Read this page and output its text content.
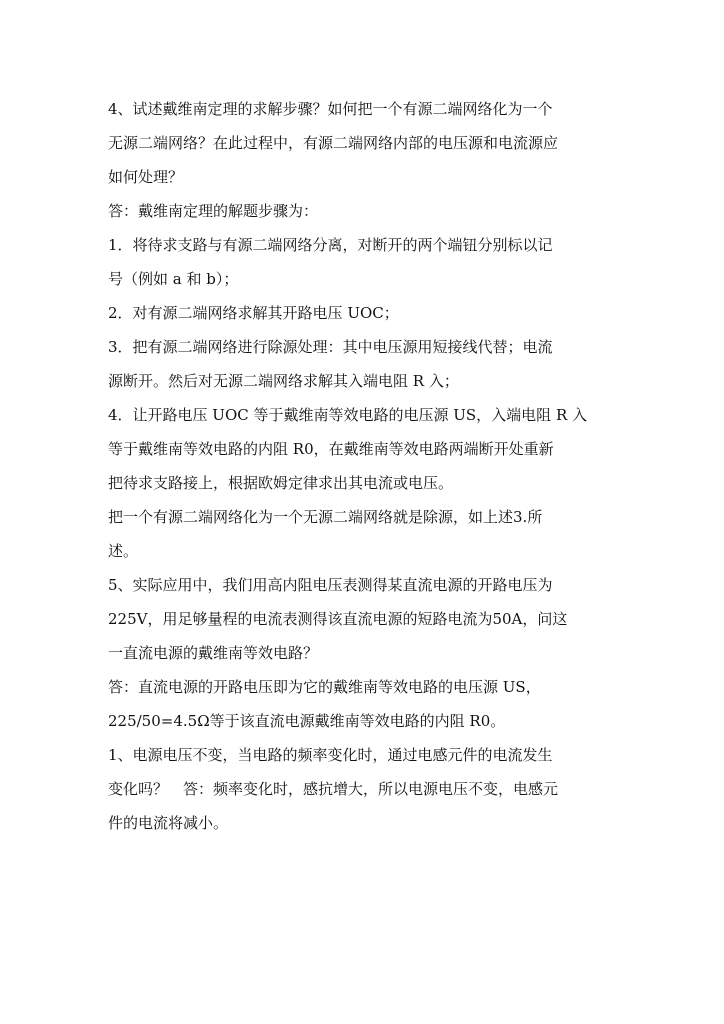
4、试述戴维南定理的求解步骤？如何把一个有源二端网络化为一个
无源二端网络？在此过程中，有源二端网络内部的电压源和电流源应
如何处理？
答：戴维南定理的解题步骤为：
1．将待求支路与有源二端网络分离，对断开的两个端钮分别标以记
号（例如 a 和 b）；
2．对有源二端网络求解其开路电压 UOC；
3．把有源二端网络进行除源处理：其中电压源用短接线代替；电流
源断开。然后对无源二端网络求解其入端电阻 R 入；
4．让开路电压 UOC 等于戴维南等效电路的电压源 US，入端电阻 R 入
等于戴维南等效电路的内阻 R0，在戴维南等效电路两端断开处重新
把待求支路接上，根据欧姆定律求出其电流或电压。
把一个有源二端网络化为一个无源二端网络就是除源，如上述3.所
述。
5、实际应用中，我们用高内阻电压表测得某直流电源的开路电压为
225V，用足够量程的电流表测得该直流电源的短路电流为50A，问这
一直流电源的戴维南等效电路？
答：直流电源的开路电压即为它的戴维南等效电路的电压源 US，
225/50=4.5Ω等于该直流电源戴维南等效电路的内阻 R0。
1、电源电压不变，当电路的频率变化时，通过电感元件的电流发生
变化吗？　答：频率变化时，感抗增大，所以电源电压不变，电感元
件的电流将减小。
